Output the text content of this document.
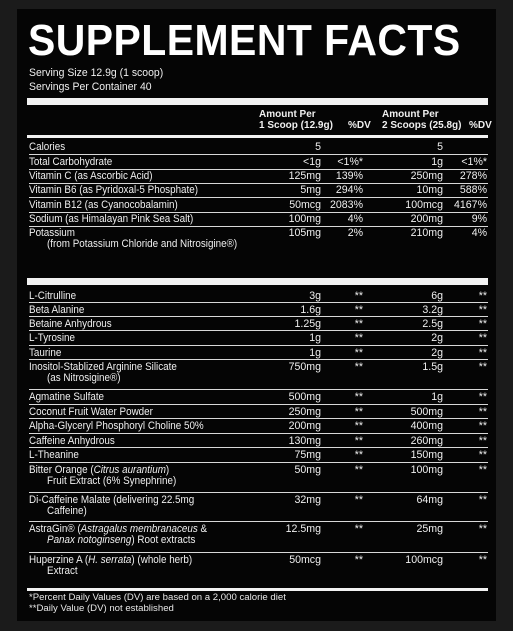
SUPPLEMENT FACTS
Serving Size 12.9g (1 scoop)
Servings Per Container 40
Amount Per
1 Scoop (12.9g) %DV
Amount Per
2 Scoops (25.8g) %DV
Calories	5	5
Total Carbohydrate	<1g	<1%*	1g	<1%*
Vitamin C (as Ascorbic Acid)	125mg	139%	250mg	278%
Vitamin B6 (as Pyridoxal-5 Phosphate)	5mg	294%	10mg	588%
Vitamin B12 (as Cyanocobalamin)	50mcg 2083%	100mcg	4167%
Sodium (as Himalayan Pink Sea Salt)	100mg	4%	200mg	9%
Potassium
(from Potassium Chloride and Nitrosigine®)
105mg	2%	210mg	4%
L-Citrulline	3g	**	6g	**
Beta Alanine	1.6g	**	3.2g	**
Betaine Anhydrous	1.25g	**	2.5g	**
L-Tyrosine	1g	**	2g	**
Taurine	1g	**	2g	**
Inositol-Stablized Arginine Silicate
(as Nitrosigine®)
750mg	**	1.5g	**
Agmatine Sulfate	500mg	**	1g	**
Coconut Fruit Water Powder	250mg	**	500mg	**
Alpha-Glyceryl Phosphoryl Choline 50%	200mg	**	400mg	**
Caffeine Anhydrous	130mg	**	260mg	**
L-Theanine	75mg	**	150mg	**
Bitter Orange (Citrus aurantium)
Fruit Extract (6% Synephrine)
50mg	**	100mg	**
Di-Caffeine Malate (delivering 22.5mg
Caffeine)
32mg	**	64mg	**
AstraGin® (Astragalus membranaceus &
Panax notoginseng) Root extracts
12.5mg	**	25mg	**
Huperzine A (H. serrata) (whole herb)
Extract
50mcg	**	100mcg	**
*Percent Daily Values (DV) are based on a 2,000 calorie diet
**Daily Value (DV) not established
